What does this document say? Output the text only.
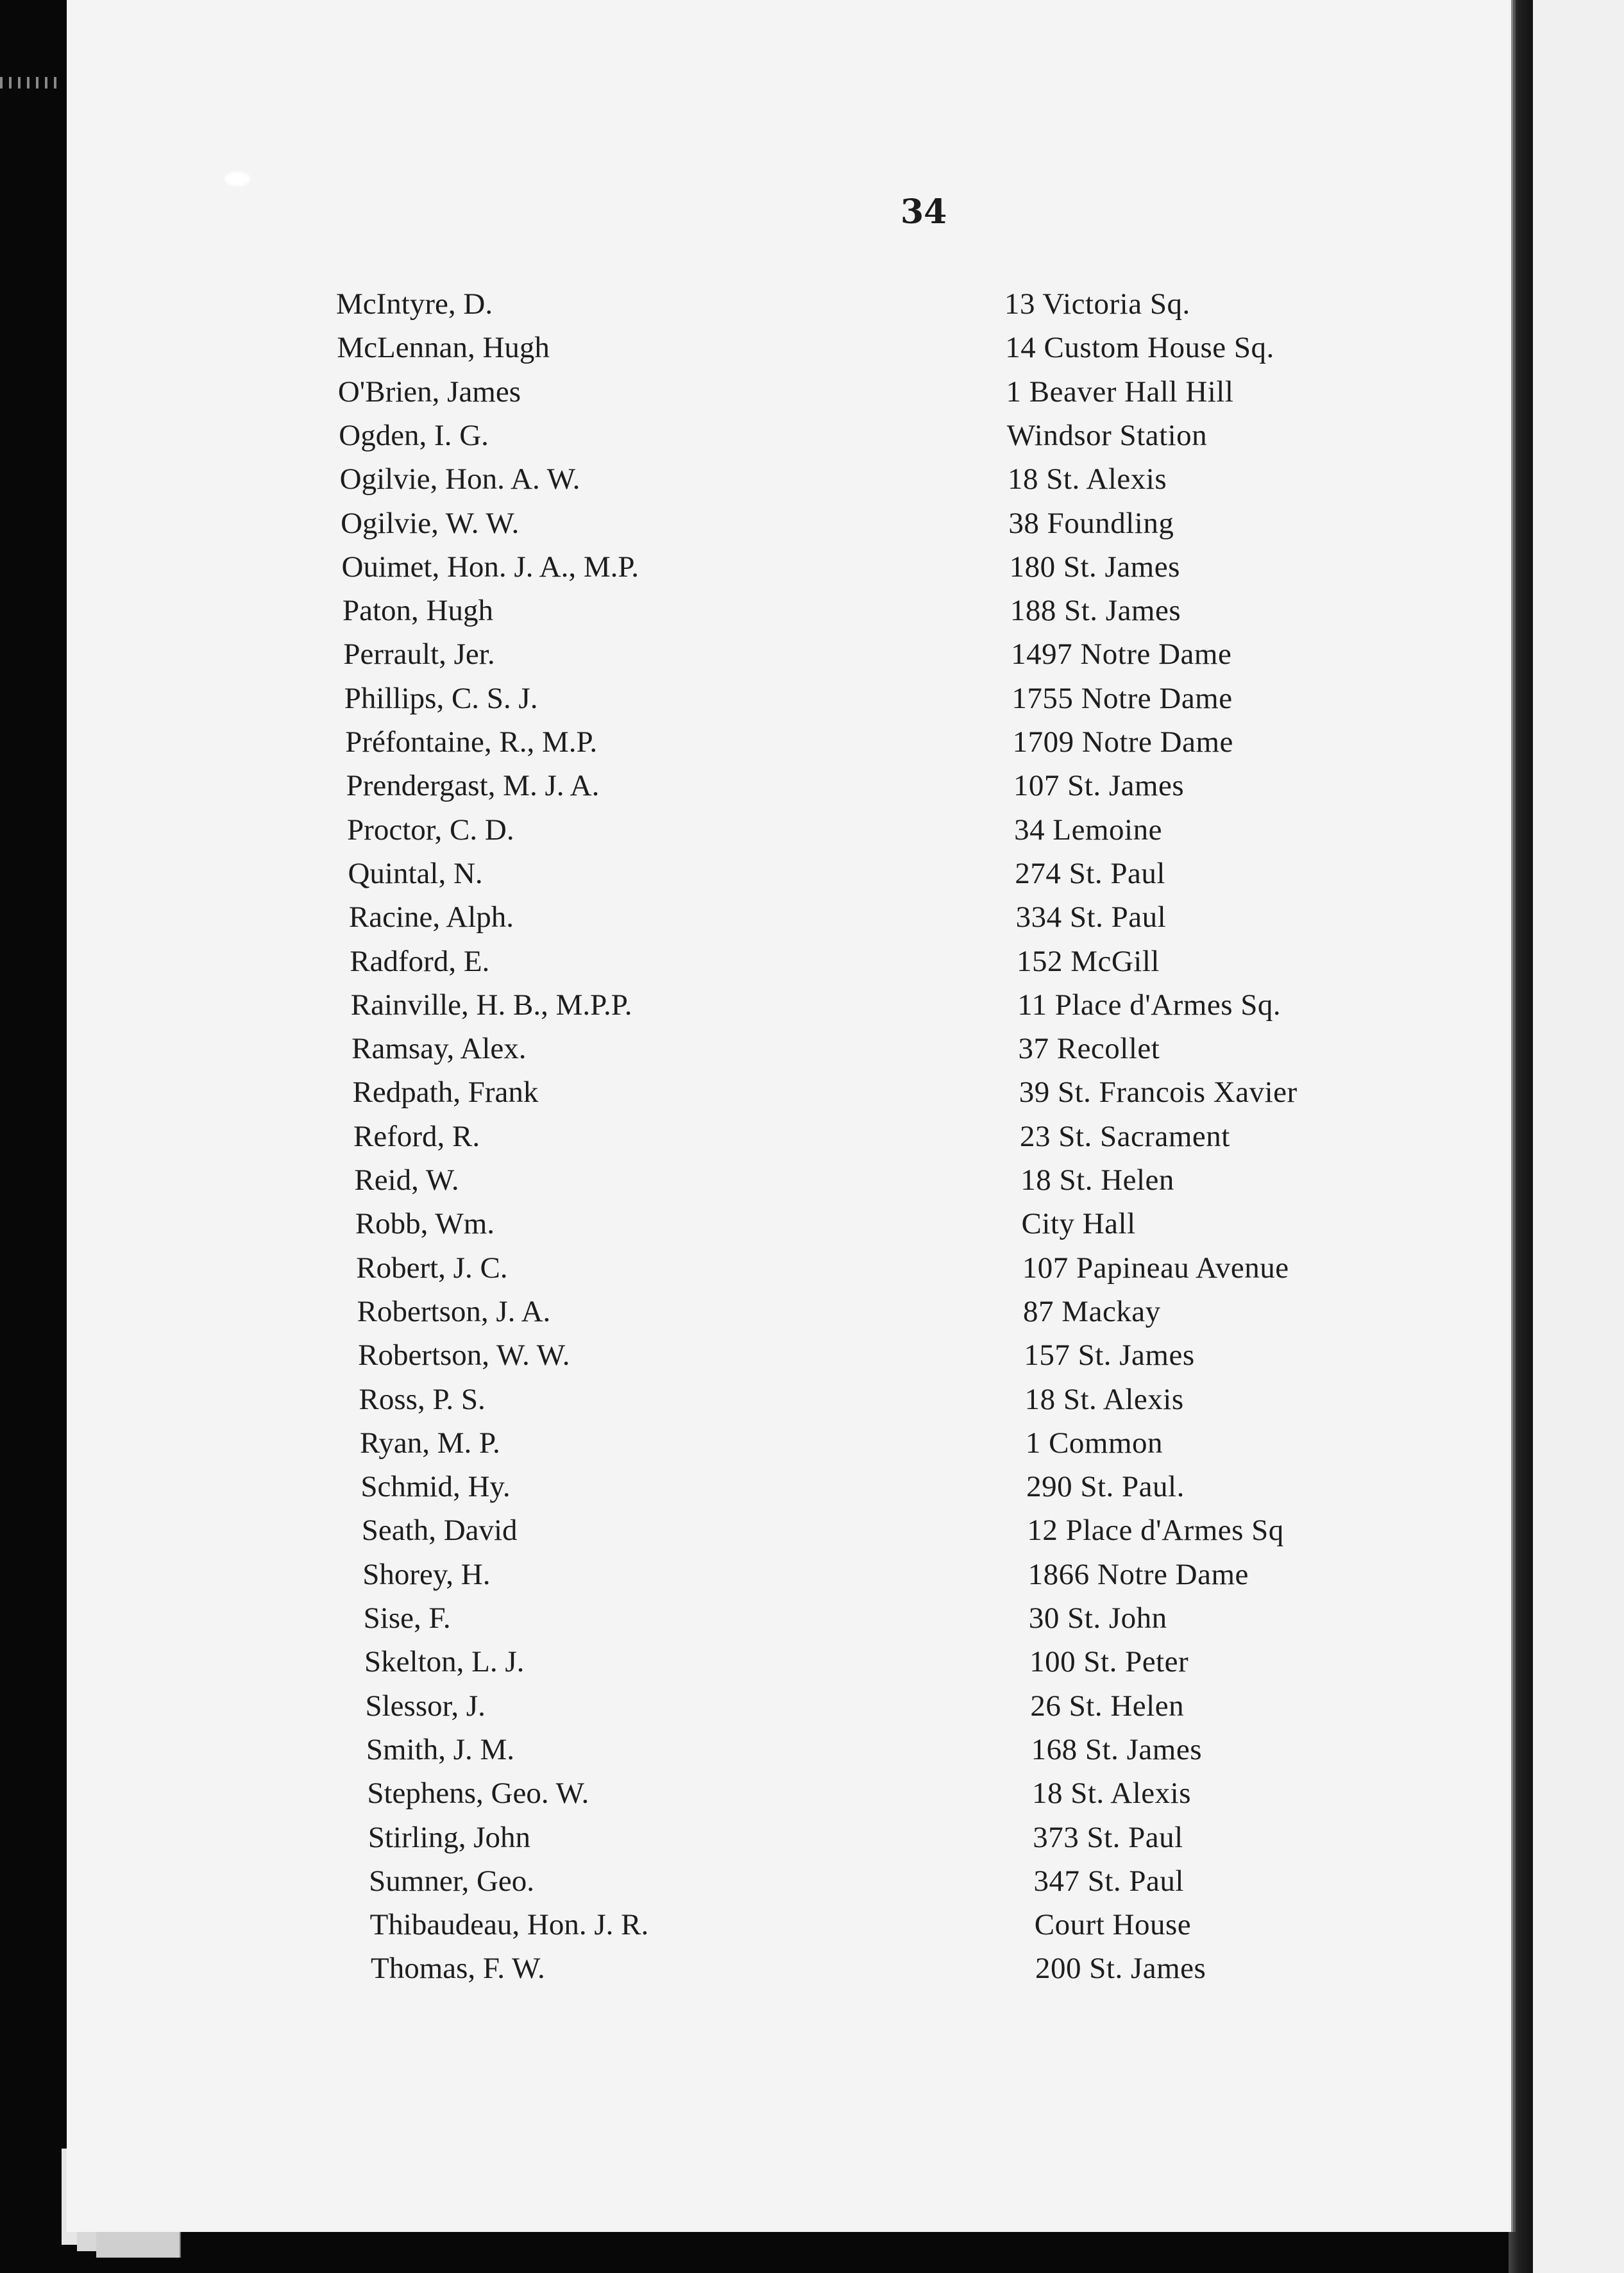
34
McIntyre, D.	13 Victoria Sq.
McLennan, Hugh	14 Custom House Sq.
O'Brien, James	1 Beaver Hall Hill
Ogden, I. G.	Windsor Station
Ogilvie, Hon. A. W.	18 St. Alexis
Ogilvie, W. W.	38 Foundling
Ouimet, Hon. J. A., M.P.	180 St. James
Paton, Hugh	188 St. James
Perrault, Jer.	1497 Notre Dame
Phillips, C. S. J.	1755 Notre Dame
Préfontaine, R., M.P.	1709 Notre Dame
Prendergast, M. J. A.	107 St. James
Proctor, C. D.	34 Lemoine
Quintal, N.	274 St. Paul
Racine, Alph.	334 St. Paul
Radford, E.	152 McGill
Rainville, H. B., M.P.P.	11 Place d'Armes Sq.
Ramsay, Alex.	37 Recollet
Redpath, Frank	39 St. Francois Xavier
Reford, R.	23 St. Sacrament
Reid, W.	18 St. Helen
Robb, Wm.	City Hall
Robert, J. C.	107 Papineau Avenue
Robertson, J. A.	87 Mackay
Robertson, W. W.	157 St. James
Ross, P. S.	18 St. Alexis
Ryan, M. P.	1 Common
Schmid, Hy.	290 St. Paul.
Seath, David	12 Place d'Armes Sq
Shorey, H.	1866 Notre Dame
Sise, F.	30 St. John
Skelton, L. J.	100 St. Peter
Slessor, J.	26 St. Helen
Smith, J. M.	168 St. James
Stephens, Geo. W.	18 St. Alexis
Stirling, John	373 St. Paul
Sumner, Geo.	347 St. Paul
Thibaudeau, Hon. J. R.	Court House
Thomas, F. W.	200 St. James
